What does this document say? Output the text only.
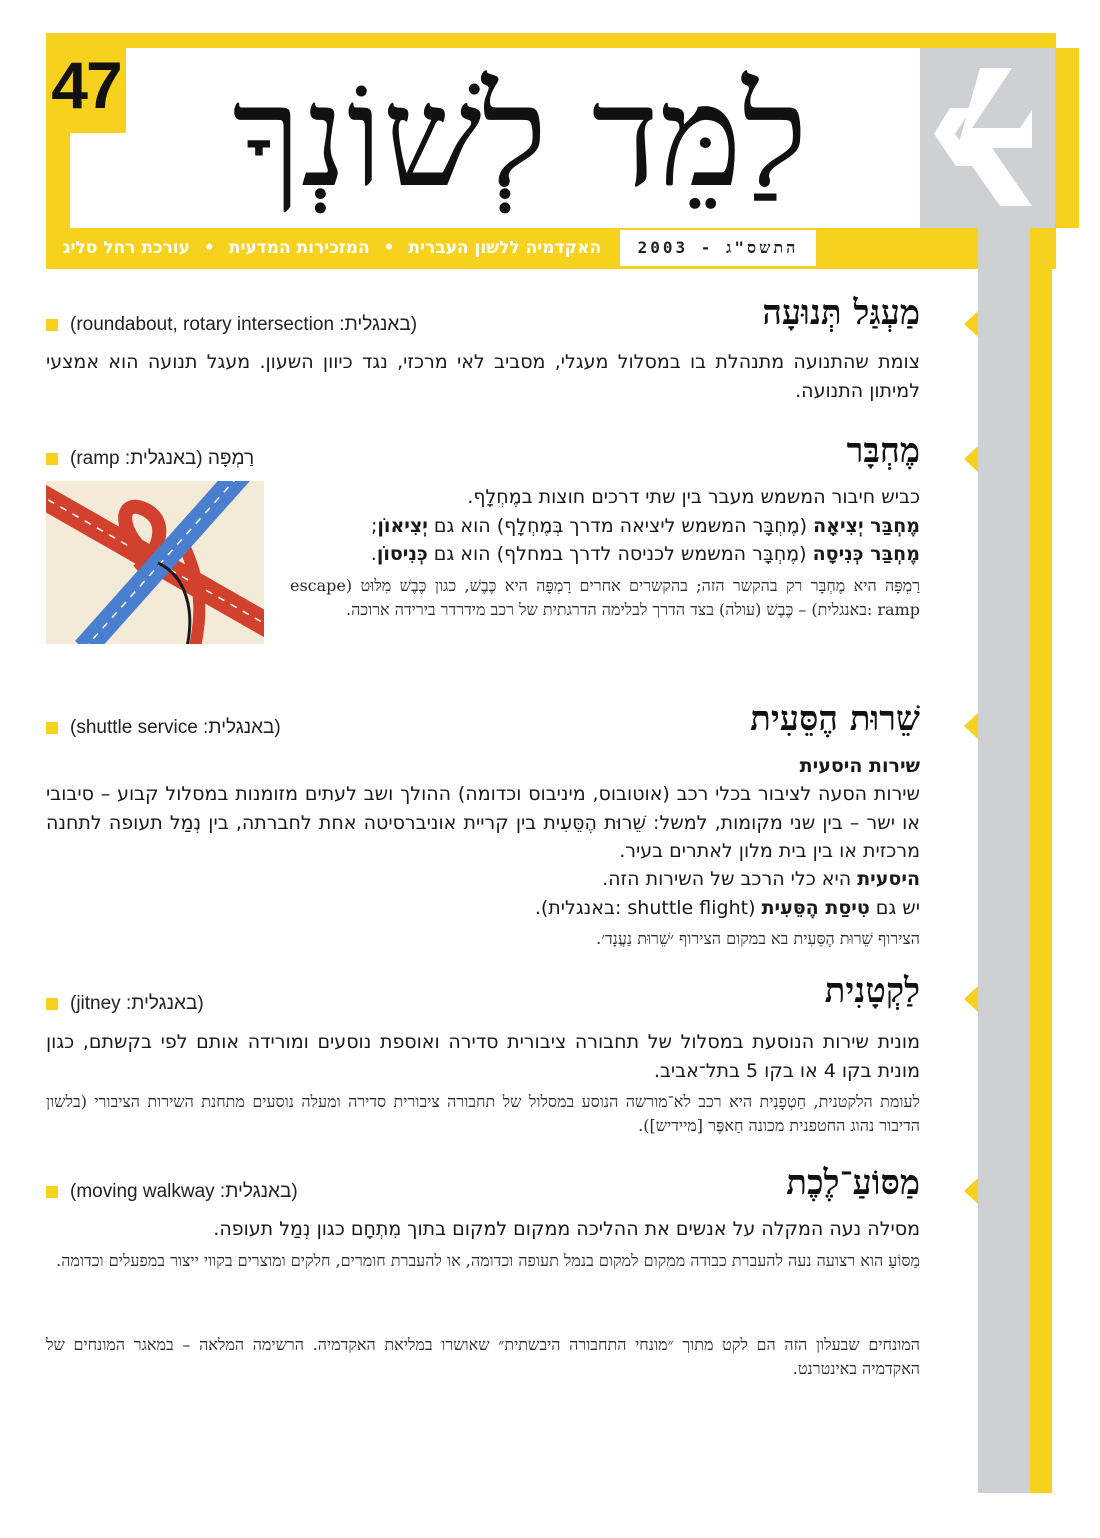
47 לַמֵּד לְשׁוֹנְךָ
האקדמיה ללשון העברית • המזכירות המדעית • עורכת רחל סליג	התשס"ג - 2003
מַעְגַּל תְּנוּעָה
(roundabout, rotary intersection :באנגלית)
צומת שהתנועה מתנהלת בו במסלול מעגלי, מסביב לאי מרכזי, נגד כיוון השעון. מעגל תנועה הוא אמצעי למיתון התנועה.
מֶחְבָּר
(ramp :באנגלית) רַמְפָּה
כביש חיבור המשמש מעבר בין שתי דרכים חוצות במֶחְלָף.
מֶחְבַּר יְצִיאָה (מֶחְבָּר המשמש ליציאה מדרך בְּמֶחְלָף) הוא גם יְצִיאוֹן;
מֶחְבַּר כְּנִיסָה (מֶחְבָּר המשמש לכניסה לדרך במחלף) הוא גם כְּנִיסוֹן.
רַמְפָּה היא מֶחְבָּר רק בהקשר הזה; בהקשרים אחרים רַמְפָּה היא כֶּבֶשׁ, כגון כֶּבֶשׁ מִלּוּט (escape ramp :באנגלית) – כֶּבֶשׁ (עולה) בצד הדרך לבלימה הדרגתית של רכב מידרדר בירידה ארוכה.
שֵׁרוּת הֶסֵּעִית
(shuttle service :באנגלית)
שירות היסעית
שירות הסעה לציבור בכלי רכב (אוטובוס, מיניבוס וכדומה) ההולך ושב לעתים מזומנות במסלול קבוע – סיבובי או ישר – בין שני מקומות, למשל: שֵׁרוּת הֶסֵּעִית בין קריית אוניברסיטה אחת לחברתה, בין נְמַל תעופה לתחנה מרכזית או בין בית מלון לאתרים בעיר.
היסעית היא כלי הרכב של השירות הזה.
יש גם טִיסַת הֶסֵּעִית (shuttle flight :באנגלית).
הצירוף שֵׁרוּת הֶסֵּעִית בא במקום הצירוף ׳שֵׁרוּת נַעֲנָד׳.
לַקְטָנִית
(jitney :באנגלית)
מונית שירות הנוסעת במסלול של תחבורה ציבורית סדירה ואוספת נוסעים ומורידה אותם לפי בקשתם, כגון מונית בקו 4 או בקו 5 בתל־אביב.
לעומת הלקטנית, חַטְפָנִית היא רכב לא־מורשה הנוסע במסלול של תחבורה ציבורית סדירה ומעלה נוסעים מתחנת השירות הציבורי (בלשון הדיבור נהוג החטפנית מכונה חַאפֶּר [מיידיש]).
מַסּוֹעַ־לֶכֶת
(moving walkway :באנגלית)
מסילה נעה המקלה על אנשים את ההליכה ממקום למקום בתוך מִתְחָם כגון נְמַל תעופה.
מַסּוֹעַ הוא רצועה נעה להעברת כבודה ממקום למקום בנמל תעופה וכדומה, או להעברת חומרים, חלקים ומוצרים בקווי ייצור במפעלים וכדומה.
המונחים שבעלון הזה הם לקט מתוך ״מונחי התחבורה היבשתית״ שאושרו במליאת האקדמיה. הרשימה המלאה – במאגר המונחים של האקדמיה באינטרנט.
